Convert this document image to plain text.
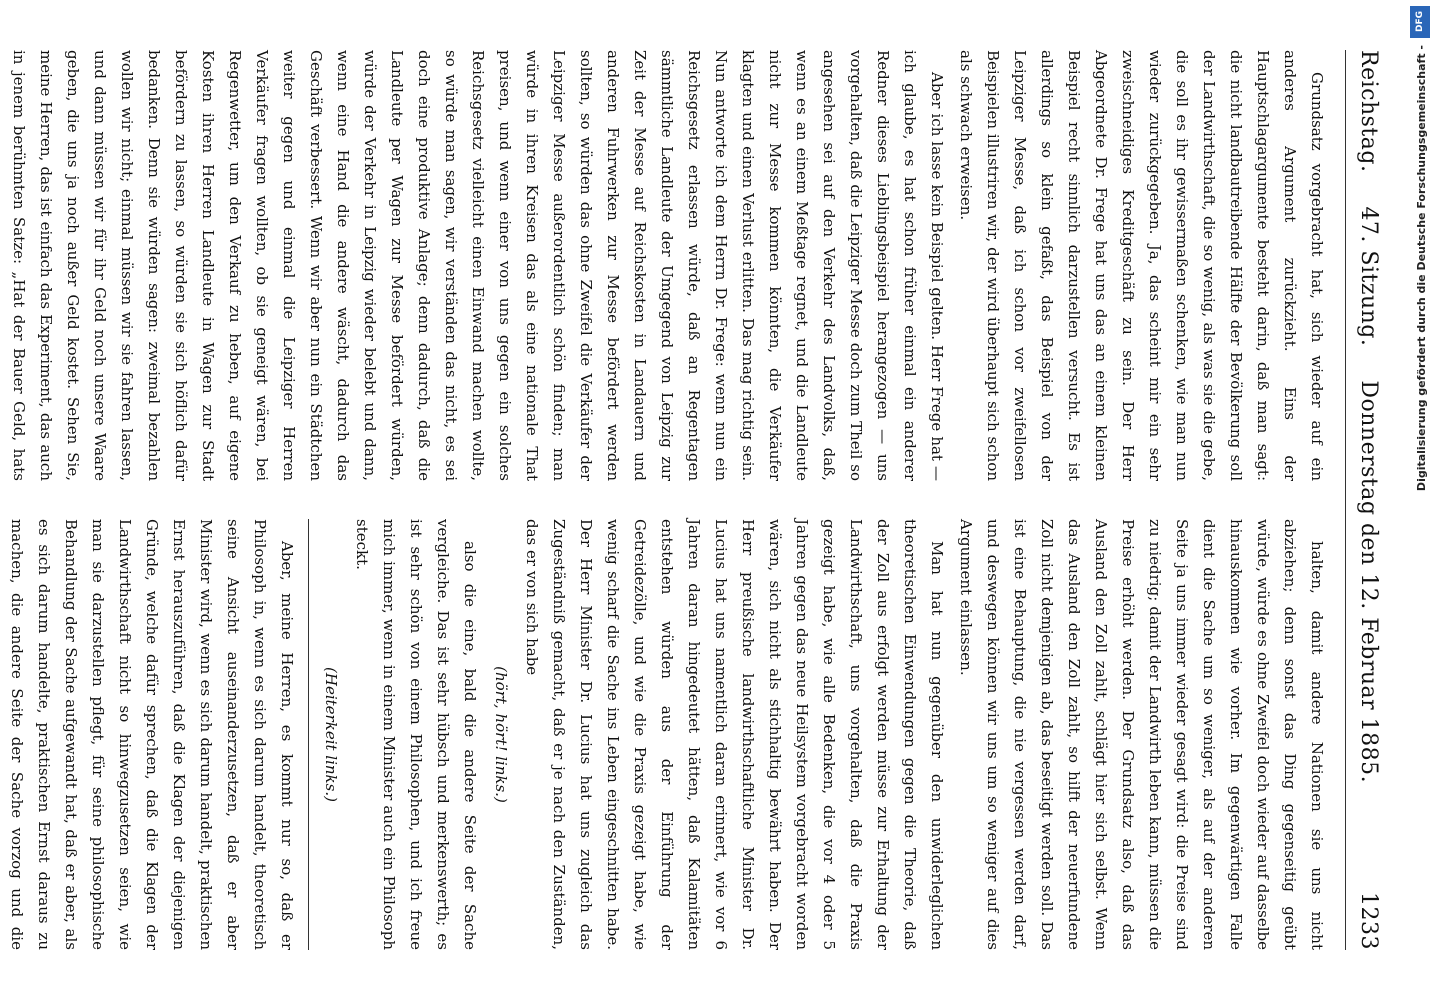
Reichstag.
47. Sitzung.
Donnerstag den 12. Februar 1885.
1233

Grundsatz vorgebracht hat, sich wieder auf ein anderes Argument zurückzieht. Eins der Hauptschlagargumente besteht darin, daß man sagt: die nicht landbautreibende Hälfte der Bevölkerung soll der Landwirthschaft, die so wenig, als was sie die gebe, die soll es ihr gewissermaßen schenken, wie man nun wieder zurückgegeben. Ja, das scheint mir ein sehr zweischneidiges Kreditgeschäft zu sein. Der Herr Abgeordnete Dr. Frege hat uns das an einem kleinen Beispiel recht sinnlich darzustellen versucht. Es ist allerdings so klein gefaßt, das Beispiel von der Leipziger Messe, daß ich schon vor zweifellosen Beispielen illustriren wir, der wird überhaupt sich schon als schwach erweisen.

Aber ich lasse kein Beispiel gelten. Herr Frege hat — ich glaube, es hat schon früher einmal ein anderer Redner dieses Lieblingsbeispiel herangezogen — uns vorgehalten, daß die Leipziger Messe doch zum Theil so angesehen sei auf den Verkehr des Landvolks, daß, wenn es an einem Meßtage regnet, und die Landleute nicht zur Messe kommen könnten, die Verkäufer klagten und einen Verlust erlitten. Das mag richtig sein. Nun antworte ich dem Herrn Dr. Frege: wenn nun ein Reichsgesetz erlassen würde, daß an Regentagen sämmtliche Landleute der Umgegend von Leipzig zur Zeit der Messe auf Reichskosten in Landauern und anderen Fuhrwerken zur Messe befördert werden sollten, so würden das ohne Zweifel die Verkäufer der Leipziger Messe außerordentlich schön finden; man würde in ihren Kreisen das als eine nationale That preisen, und wenn einer von uns gegen ein solches Reichsgesetz vielleicht einen Einwand machen wollte, so würde man sagen, wir verständen das nicht, es sei doch eine produktive Anlage; denn dadurch, daß die Landleute per Wagen zur Messe befördert würden, würde der Verkehr in Leipzig wieder belebt und dann, wenn eine Hand die andere wäscht, dadurch das Geschäft verbessert. Wenn wir aber nun ein Städtchen weiter gegen und einmal die Leipziger Herren Verkäufer fragen wollten, ob sie geneigt wären, bei Regenwetter, um den Verkauf zu heben, auf eigene Kosten ihren Herren Landleute in Wagen zur Stadt befördern zu lassen, so würden sie sich höflich dafür bedanken. Denn sie würden sagen: zweimal bezahlen wollen wir nicht; einmal müssen wir sie fahren lassen, und dann müssen wir für ihr Geld noch unsere Waare geben, die uns ja noch außer Geld kostet. Sehen Sie, meine Herren, das ist einfach das Experiment, das auch in jenem berühmten Satze: „Hat der Bauer Geld, hats

halten, damit andere Nationen sie uns nicht abziehen; denn sonst das Ding gegenseitig geübt würde, würde es ohne Zweifel doch wieder auf dasselbe hinauskommen wie vorher. Im gegenwärtigen Falle dient die Sache um so weniger, als auf der anderen Seite ja uns immer wieder gesagt wird: die Preise sind zu niedrig; damit der Landwirth leben kann, müssen die Preise erhöht werden. Der Grundsatz also, daß das Ausland den Zoll zahlt, schlägt hier sich selbst. Wenn das Ausland den Zoll zahlt, so hilft der neuerfundene Zoll nicht demjenigen ab, das beseitigt werden soll. Das ist eine Behauptung, die nie vergessen werden darf, und deswegen können wir uns um so weniger auf dies Argument einlassen.

Man hat nun gegenüber den unwiderleglichen theoretischen Einwendungen gegen die Theorie, daß der Zoll aus erfolgt werden müsse zur Erhaltung der Landwirthschaft, uns vorgehalten, daß die Praxis gezeigt habe, wie alle Bedenken, die vor 4 oder 5 Jahren gegen das neue Heilsystem vorgebracht worden wären, sich nicht als stichhaltig bewährt haben. Der Herr preußische landwirthschaftliche Minister Dr. Lucius hat uns namentlich daran erinnert, wie vor 6 Jahren daran hingedeutet hätten, daß Kalamitäten entstehen würden aus der Einführung der Getreidezölle, und wie die Praxis gezeigt habe, wie wenig scharf die Sache ins Leben eingeschnitten habe. Der Herr Minister Dr. Lucius hat uns zugleich das Zugeständniß gemacht, daß er je nach den Zuständen, das er von sich habe

(hört, hört! links.)

also die eine, bald die andere Seite der Sache vergleiche. Das ist sehr hübsch und merkenswerth; es ist sehr schön von einem Philosophen, und ich freue mich immer, wenn in einem Minister auch ein Philosoph steckt.

(Heiterkeit links.)

Aber, meine Herren, es kommt nur so, daß er Philosoph in, wenn es sich darum handelt, theoretisch seine Ansicht auseinanderzusetzen, daß er aber Minister wird, wenn es sich darum handelt, praktischen Ernst herauszuführen, daß die Klagen der diejenigen Gründe, welche dafür sprechen, daß die Klagen der Landwirthschaft nicht so hinwegzusetzen seien, wie man sie darzustellen pflegt, für seine philosophische Behandlung der Sache aufgewandt hat, daß er aber, als es sich darum handelte, praktischen Ernst daraus zu machen, die andere Seite der Sache vorzog und die

DFG
Digitalisierung gefördert durch die Deutsche Forschungsgemeinschaft -
